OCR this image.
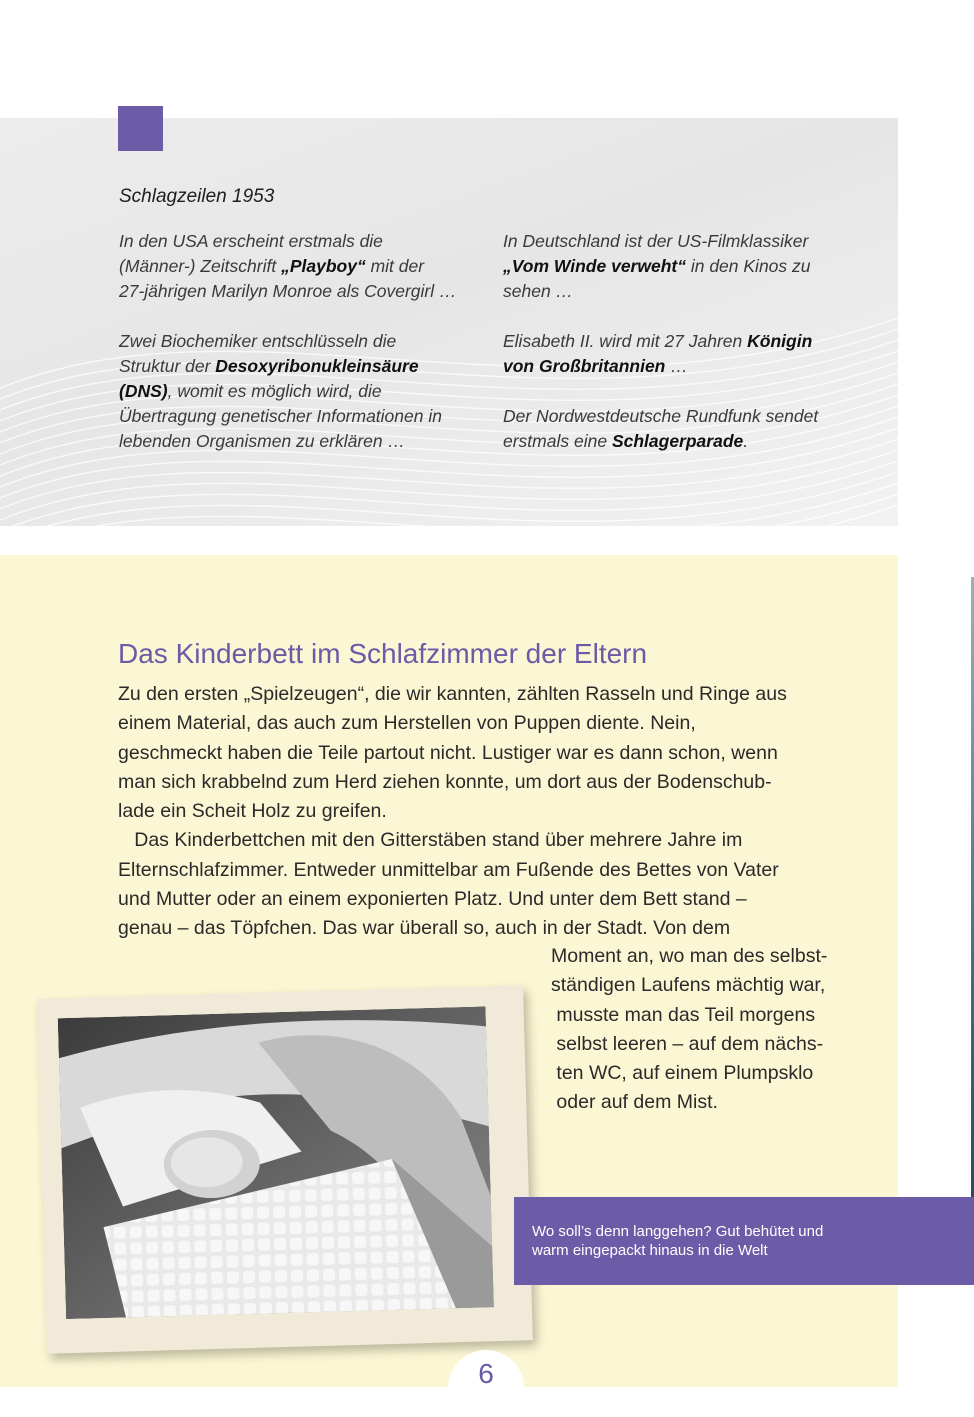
Schlagzeilen 1953

In den USA erscheint erstmals die
(Männer-) Zeitschrift „Playboy“ mit der
27-jährigen Marilyn Monroe als Covergirl …

Zwei Biochemiker entschlüsseln die
Struktur der Desoxyribonukleinsäure
(DNS), womit es möglich wird, die
Übertragung genetischer Informationen in
lebenden Organismen zu erklären …

In Deutschland ist der US-Filmklassiker
„Vom Winde verweht“ in den Kinos zu
sehen …

Elisabeth II. wird mit 27 Jahren Königin
von Großbritannien …

Der Nordwestdeutsche Rundfunk sendet
erstmals eine Schlagerparade.

Das Kinderbett im Schlafzimmer der Eltern
Zu den ersten „Spielzeugen“, die wir kannten, zählten Rasseln und Ringe aus
einem Material, das auch zum Herstellen von Puppen diente. Nein,
geschmeckt haben die Teile partout nicht. Lustiger war es dann schon, wenn
man sich krabbelnd zum Herd ziehen konnte, um dort aus der Bodenschub-
lade ein Scheit Holz zu greifen.
Das Kinderbettchen mit den Gitterstäben stand über mehrere Jahre im
Elternschlafzimmer. Entweder unmittelbar am Fußende des Bettes von Vater
und Mutter oder an einem exponierten Platz. Und unter dem Bett stand –
genau – das Töpfchen. Das war überall so, auch in der Stadt. Von dem
Moment an, wo man des selbst-
ständigen Laufens mächtig war,
musste man das Teil morgens
selbst leeren – auf dem nächs-
ten WC, auf einem Plumpsklo
oder auf dem Mist.
Wo soll’s denn langgehen? Gut behütet und
warm eingepackt hinaus in die Welt
6
